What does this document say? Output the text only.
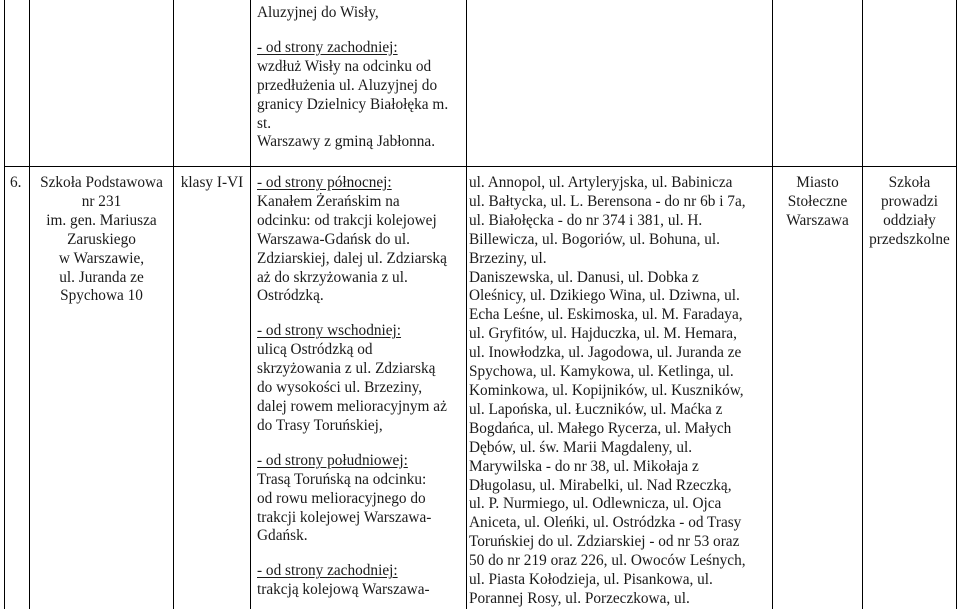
Aluzyjnej do Wisły,
- od strony zachodniej:
wzdłuż Wisły na odcinku od
przedłużenia ul. Aluzyjnej do
granicy Dzielnicy Białołęka m.
st.
Warszawy z gminą Jabłonna.
6.	Szkoła Podstawowa
nr 231
im. gen. Mariusza
Zaruskiego
w Warszawie,
ul. Juranda ze
Spychowa 10
klasy I-VI - od strony północnej:
Kanałem Żerańskim na
odcinku: od trakcji kolejowej
Warszawa-Gdańsk do ul.
Zdziarskiej, dalej ul. Zdziarską
aż do skrzyżowania z ul.
Ostródzką.
- od strony wschodniej:
ulicą Ostródzką od
skrzyżowania z ul. Zdziarską
do wysokości ul. Brzeziny,
dalej rowem melioracyjnym aż
do Trasy Toruńskiej,
- od strony południowej:
Trasą Toruńską na odcinku:
od rowu melioracyjnego do
trakcji kolejowej Warszawa-
Gdańsk.
- od strony zachodniej:
trakcją kolejową Warszawa-
ul. Annopol, ul. Artyleryjska, ul. Babinicza
ul. Bałtycka, ul. L. Berensona - do nr 6b i 7a,
ul. Białołęcka - do nr 374 i 381, ul. H.
Billewicza, ul. Bogoriów, ul. Bohuna, ul.
Brzeziny, ul.
Daniszewska, ul. Danusi, ul. Dobka z
Oleśnicy, ul. Dzikiego Wina, ul. Dziwna, ul.
Echa Leśne, ul. Eskimoska, ul. M. Faradaya,
ul. Gryfitów, ul. Hajduczka, ul. M. Hemara,
ul. Inowłodzka, ul. Jagodowa, ul. Juranda ze
Spychowa, ul. Kamykowa, ul. Ketlinga, ul.
Kominkowa, ul. Kopijników, ul. Kuszników,
ul. Lapońska, ul. Łuczników, ul. Maćka z
Bogdańca, ul. Małego Rycerza, ul. Małych
Dębów, ul. św. Marii Magdaleny, ul.
Marywilska - do nr 38, ul. Mikołaja z
Długolasu, ul. Mirabelki, ul. Nad Rzeczką,
ul. P. Nurmiego, ul. Odlewnicza, ul. Ojca
Aniceta, ul. Oleńki, ul. Ostródzka - od Trasy
Toruńskiej do ul. Zdziarskiej - od nr 53 oraz
50 do nr 219 oraz 226, ul. Owoców Leśnych,
ul. Piasta Kołodzieja, ul. Pisankowa, ul.
Porannej Rosy, ul. Porzeczkowa, ul.
Miasto
Stołeczne
Warszawa
Szkoła
prowadzi
oddziały
przedszkolne
